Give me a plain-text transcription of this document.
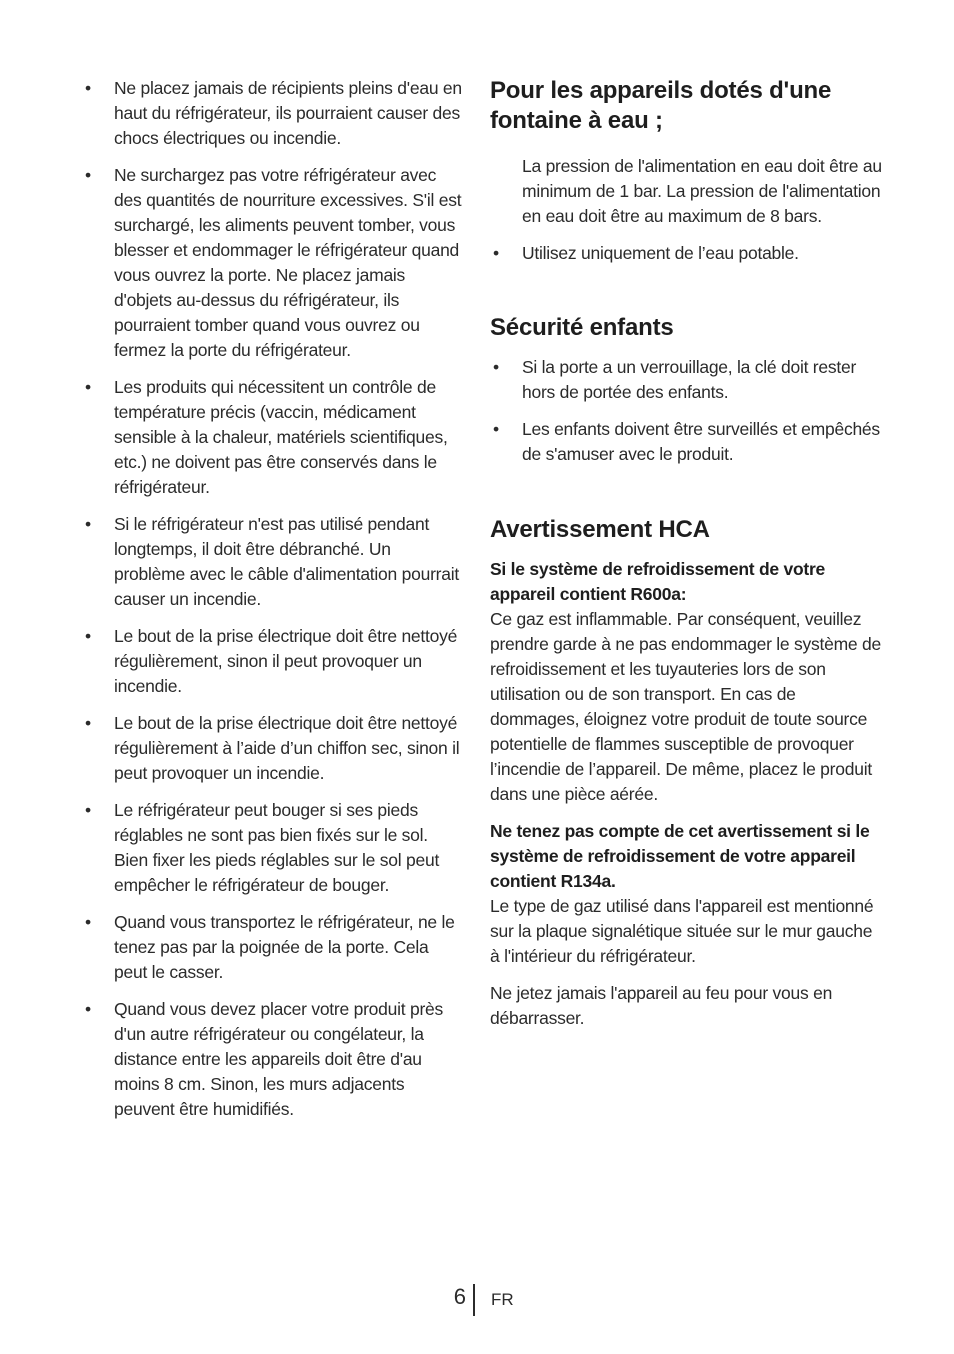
• Ne placez jamais de récipients pleins d'eau en haut du réfrigérateur, ils pourraient causer des chocs électriques ou incendie.
• Ne surchargez pas votre réfrigérateur avec des quantités de nourriture excessives. S'il est surchargé, les aliments peuvent tomber, vous blesser et endommager le réfrigérateur quand vous ouvrez la porte. Ne placez jamais d'objets au-dessus du réfrigérateur, ils pourraient tomber quand vous ouvrez ou fermez la porte du réfrigérateur.
• Les produits qui nécessitent un contrôle de température précis (vaccin, médicament sensible à la chaleur, matériels scientifiques, etc.) ne doivent pas être conservés dans le réfrigérateur.
• Si le réfrigérateur n'est pas utilisé pendant longtemps, il doit être débranché. Un problème avec le câble d'alimentation pourrait causer un incendie.
• Le bout de la prise électrique doit être nettoyé régulièrement, sinon il peut provoquer un incendie.
• Le bout de la prise électrique doit être nettoyé régulièrement à l’aide d’un chiffon sec, sinon il peut provoquer un incendie.
• Le réfrigérateur peut bouger si ses pieds réglables ne sont pas bien fixés sur le sol. Bien fixer les pieds réglables sur le sol peut empêcher le réfrigérateur de bouger.
• Quand vous transportez le réfrigérateur, ne le tenez pas par la poignée de la porte. Cela peut le casser.
• Quand vous devez placer votre produit près d'un autre réfrigérateur ou congélateur, la distance entre les appareils doit être d'au moins 8 cm. Sinon, les murs adjacents peuvent être humidifiés.
Pour les appareils dotés d'une fontaine à eau ;

La pression de l'alimentation en eau doit être au minimum de 1 bar. La pression de l'alimentation en eau doit être au maximum de 8 bars.

• Utilisez uniquement de l’eau potable.
Sécurité enfants
• Si la porte a un verrouillage, la clé doit rester hors de portée des enfants.
• Les enfants doivent être surveillés et empêchés de s'amuser avec le produit.
Avertissement HCA

Si le système de refroidissement de votre appareil contient R600a:

Ce gaz est inflammable. Par conséquent, veuillez prendre garde à ne pas endommager le système de refroidissement et les tuyauteries lors de son utilisation ou de son transport. En cas de dommages, éloignez votre produit de toute source potentielle de flammes susceptible de provoquer l’incendie de l’appareil. De même, placez le produit dans une pièce aérée.

Ne tenez pas compte de cet avertissement si le système de refroidissement de votre appareil contient R134a.

Le type de gaz utilisé dans l'appareil est mentionné sur la plaque signalétique située sur le mur gauche à l'intérieur du réfrigérateur.

Ne jetez jamais l'appareil au feu pour vous en débarrasser.

6 FR
